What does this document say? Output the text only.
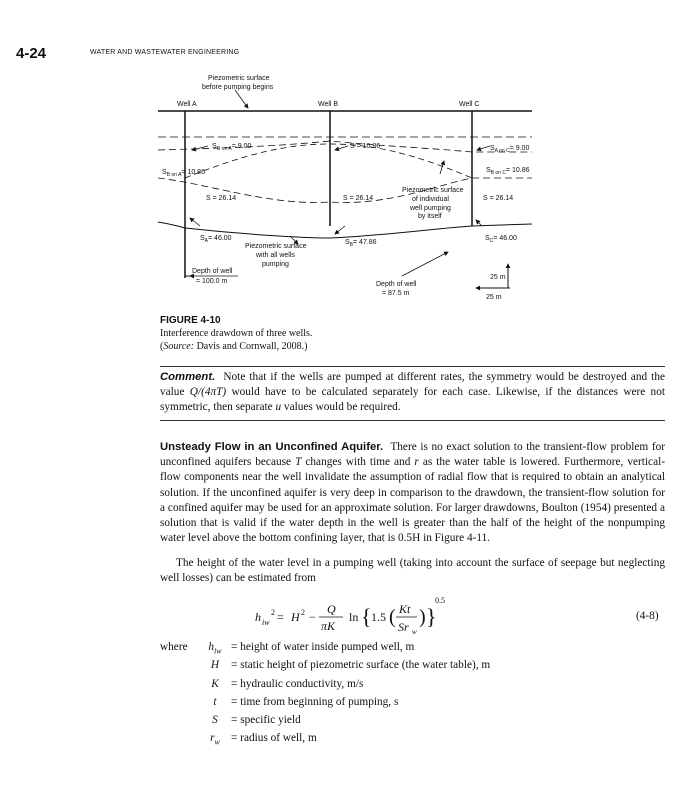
4-24	WATER AND WASTEWATER ENGINEERING
Piezometric surface
before pumping begins
Well A	Well B	Well C
$S_{C on A}= 9.00$
$S_{B on A}= 10.86$
S = 10.86	$S_{A on C}= 9.00$
$S_{B on C}= 10.86$
S = 26.14	S = 26.14	S = 26.14
Piezometric surface
of individual
well pumping
by itself
$S_A= 46.00$
$S_B= 47.86$
$S_C= 46.00$
Piezometric surface
with all wells
pumping
Depth of well
= 100.0 m	Depth of well
= 87.5 m
25 m
25 m
FIGURE 4-10
Interference drawdown of three wells.
(Source: Davis and Cornwall, 2008.)
Comment. Note that if the wells are pumped at different rates, the symmetry would be destroyed and the value Q/(4πT) would have to be calculated separately for each case. Likewise, if the distances were not symmetric, then separate u values would be required.
Unsteady Flow in an Unconfined Aquifer. There is no exact solution to the transient-flow problem for unconfined aquifers because T changes with time and r as the water table is lowered. Furthermore, vertical-flow components near the well invalidate the assumption of radial flow that is required to obtain an analytical solution. If the unconfined aquifer is very deep in comparison to the drawdown, the transient-flow solution for a confined aquifer may be used for an approximate solution. For larger drawdowns, Boulton (1954) presented a solution that is valid if the water depth in the well is greater than the half of the height of the nonpumping water level above the bottom confining layer, that is 0.5H in Figure 4-11.
The height of the water level in a pumping well (taking into account the surface of seepage but neglecting well losses) can be estimated from
h iw
2 = H 2 −
Q
πK
ln { 1.5 ( Kt
Sr w
) }
0.5
(4-8)
where	$h_{iw}$ = height of water inside pumped well, m
H	= static height of piezometric surface (the water table), m
K	= hydraulic conductivity, m/s
t	= time from beginning of pumping, s
S	= specific yield
$r_w$ = radius of well, m
